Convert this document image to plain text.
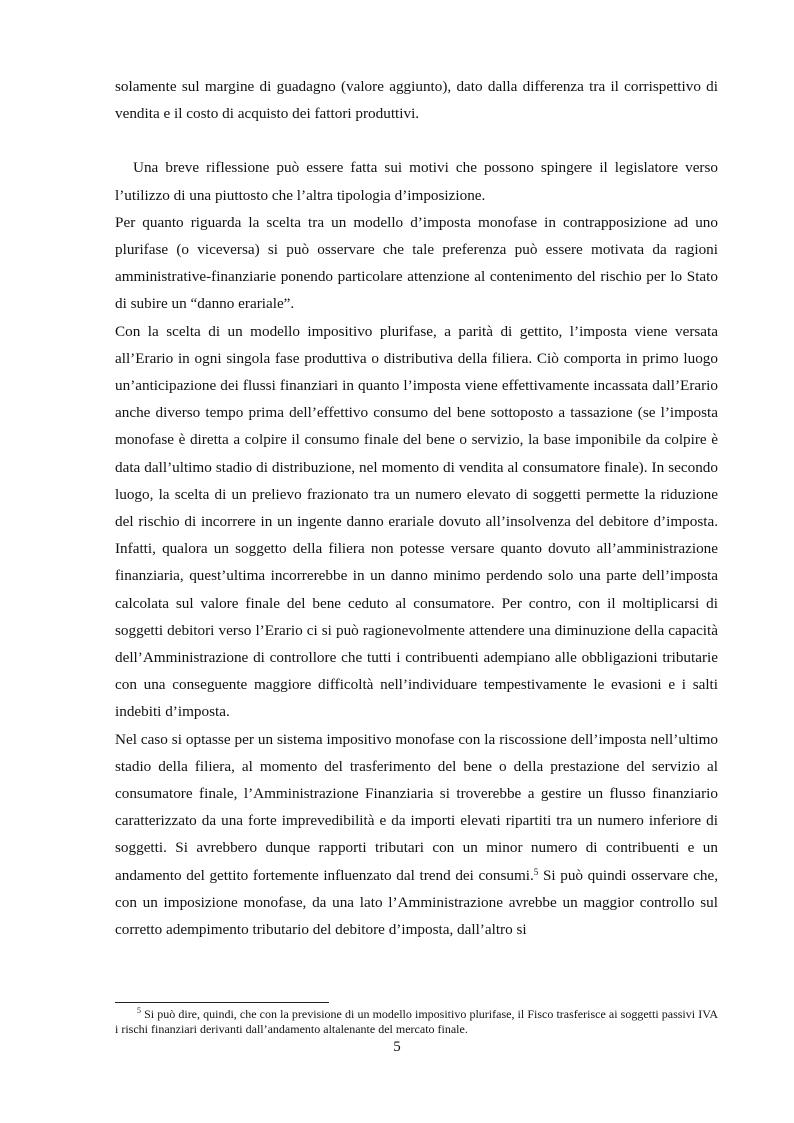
solamente sul margine di guadagno (valore aggiunto), dato dalla differenza tra il corrispettivo di vendita e il costo di acquisto dei fattori produttivi.

Una breve riflessione può essere fatta sui motivi che possono spingere il legislatore verso l’utilizzo di una piuttosto che l’altra tipologia d’imposizione.

Per quanto riguarda la scelta tra un modello d’imposta monofase in contrapposizione ad uno plurifase (o viceversa) si può osservare che tale preferenza può essere motivata da ragioni amministrative-finanziarie ponendo particolare attenzione al contenimento del rischio per lo Stato di subire un “danno erariale”.

Con la scelta di un modello impositivo plurifase, a parità di gettito, l’imposta viene versata all’Erario in ogni singola fase produttiva o distributiva della filiera. Ciò comporta in primo luogo un’anticipazione dei flussi finanziari in quanto l’imposta viene effettivamente incassata dall’Erario anche diverso tempo prima dell’effettivo consumo del bene sottoposto a tassazione (se l’imposta monofase è diretta a colpire il consumo finale del bene o servizio, la base imponibile da colpire è data dall’ultimo stadio di distribuzione, nel momento di vendita al consumatore finale). In secondo luogo, la scelta di un prelievo frazionato tra un numero elevato di soggetti permette la riduzione del rischio di incorrere in un ingente danno erariale dovuto all’insolvenza del debitore d’imposta. Infatti, qualora un soggetto della filiera non potesse versare quanto dovuto all’amministrazione finanziaria, quest’ultima incorrerebbe in un danno minimo perdendo solo una parte dell’imposta calcolata sul valore finale del bene ceduto al consumatore. Per contro, con il moltiplicarsi di soggetti debitori verso l’Erario ci si può ragionevolmente attendere una diminuzione della capacità dell’Amministrazione di controllore che tutti i contribuenti adempiano alle obbligazioni tributarie con una conseguente maggiore difficoltà nell’individuare tempestivamente le evasioni e i salti indebiti d’imposta.

Nel caso si optasse per un sistema impositivo monofase con la riscossione dell’imposta nell’ultimo stadio della filiera, al momento del trasferimento del bene o della prestazione del servizio al consumatore finale, l’Amministrazione Finanziaria si troverebbe a gestire un flusso finanziario caratterizzato da una forte imprevedibilità e da importi elevati ripartiti tra un numero inferiore di soggetti. Si avrebbero dunque rapporti tributari con un minor numero di contribuenti e un andamento del gettito fortemente influenzato dal trend dei consumi.$^5$ Si può quindi osservare che, con un imposizione monofase, da una lato l’Amministrazione avrebbe un maggior controllo sul corretto adempimento tributario del debitore d’imposta, dall’altro si

$^5$ Si può dire, quindi, che con la previsione di un modello impositivo plurifase, il Fisco trasferisce ai soggetti passivi IVA i rischi finanziari derivanti dall’andamento altalenante del mercato finale.

5
